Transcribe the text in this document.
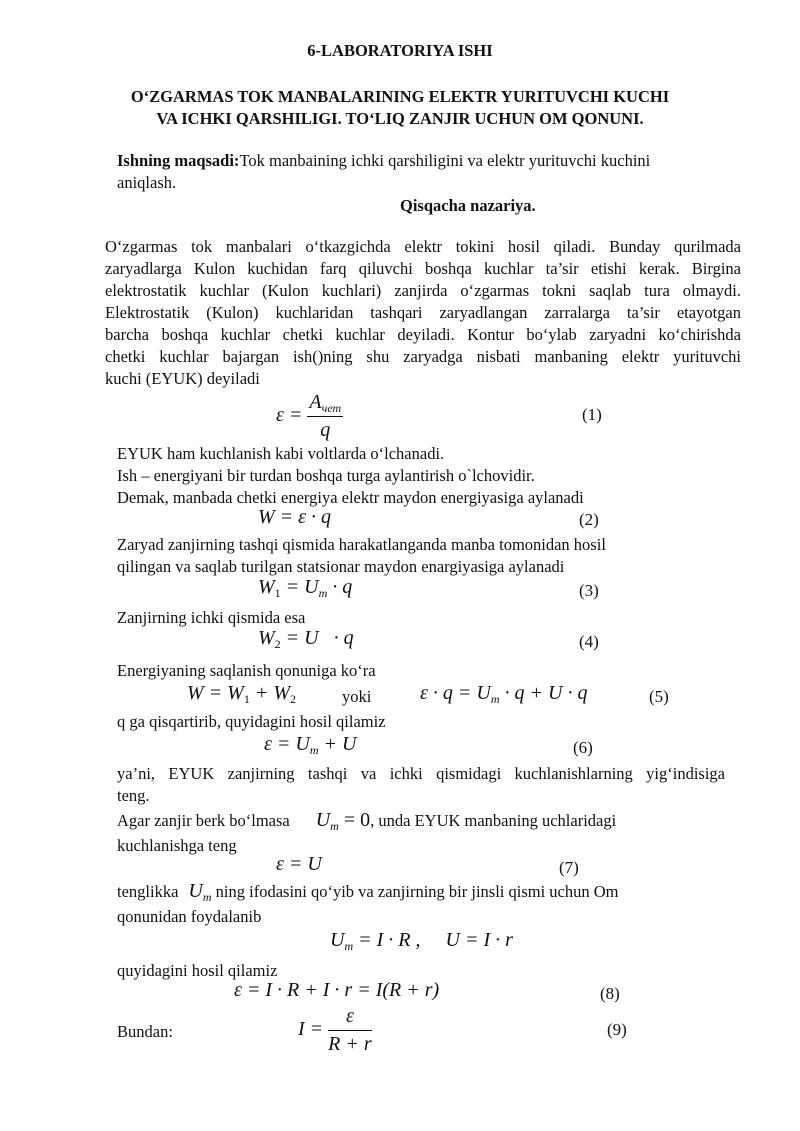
6-LABORATORIYA ISHI
O‘ZGARMAS TOK MANBALARINING ELEKTR YURITUVCHI KUCHI
VA ICHKI QARSHILIGI. TO‘LIQ ZANJIR UCHUN OM QONUNI.
Ishning maqsadi:Tok manbaining ichki qarshiligini va elektr yurituvchi kuchini
aniqlash.
Qisqacha nazariya.
O‘zgarmas tok manbalari o‘tkazgichda elektr tokini hosil qiladi. Bunday qurilmada
zaryadlarga Kulon kuchidan farq qiluvchi boshqa kuchlar ta’sir etishi kerak. Birgina
elektrostatik kuchlar (Kulon kuchlari) zanjirda o‘zgarmas tokni saqlab tura olmaydi.
Elektrostatik (Kulon) kuchlaridan tashqari zaryadlangan zarralarga ta’sir etayotgan
barcha boshqa kuchlar chetki kuchlar deyiladi. Kontur bo‘ylab zaryadni ko‘chirishda
chetki kuchlar bajargan ish()ning shu zaryadga nisbati manbaning elektr yurituvchi
kuchi (EYUK) deyiladi
$\varepsilon = \frac{A_{чет}}{q}$	(1)
EYUK ham kuchlanish kabi voltlarda o‘lchanadi.
Ish – energiyani bir turdan boshqa turga aylantirish o`lchovidir.
Demak, manbada chetki energiya elektr maydon energiyasiga aylanadi
W = ε · q	(2)
Zaryad zanjirning tashqi qismida harakatlanganda manba tomonidan hosil
qilingan va saqlab turilgan statsionar maydon enargiyasiga aylanadi
$W_1 = U_m \cdot q$	(3)
Zanjirning ichki qismida esa
$W_2 = U \cdot q$	(4)
Energiyaning saqlanish qonuniga ko‘ra
$W = W_1 + W_2$	yoki $\varepsilon \cdot q = U_m \cdot q + U \cdot q$	(5)
q ga qisqartirib, quyidagini hosil qilamiz
$\varepsilon = U_m + U$	(6)
ya’ni, EYUK zanjirning tashqi va ichki qismidagi kuchlanishlarning yig‘indisiga
teng.
Agar zanjir berk bo‘lmasa $U_m = 0$, unda EYUK manbaning uchlaridagi
kuchlanishga teng
ε = U	(7)
tenglikka $U_m$ ning ifodasini qo‘yib va zanjirning bir jinsli qismi uchun Om
qonunidan foydalanib
$U_m = I \cdot R$ ,     U = I · r
quyidagini hosil qilamiz
ε = I · R + I · r = I(R + r)	(8)
Bundan:	$I = \frac{\varepsilon}{R + r}$	(9)
